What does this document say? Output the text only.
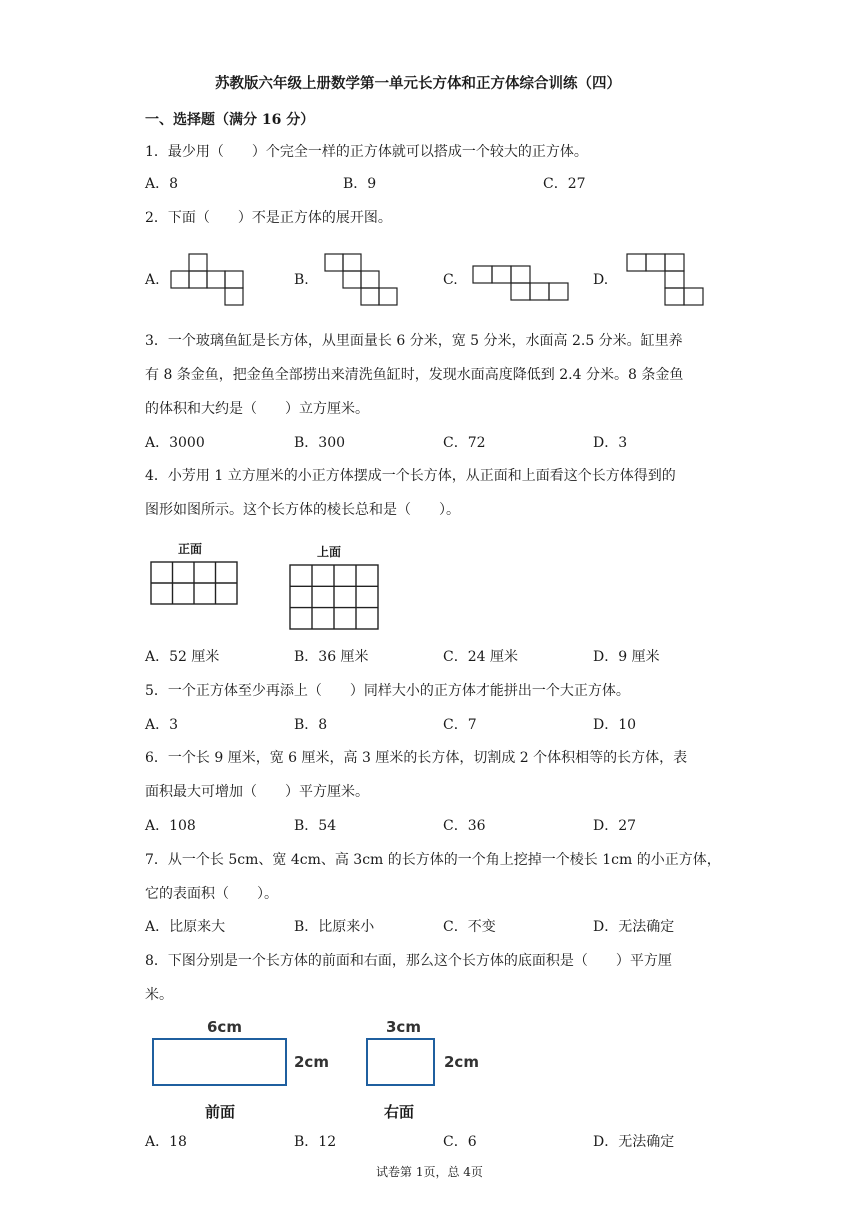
苏教版六年级上册数学第一单元长方体和正方体综合训练（四）
一、选择题（满分 16 分）
1．最少用（　　）个完全一样的正方体就可以搭成一个较大的正方体。
A．8	B．9	C．27
2．下面（　　）不是正方体的展开图。
A.	B.	C.	D.
3．一个玻璃鱼缸是长方体，从里面量长 6 分米，宽 5 分米，水面高 2.5 分米。缸里养
有 8 条金鱼，把金鱼全部捞出来清洗鱼缸时，发现水面高度降低到 2.4 分米。8 条金鱼
的体积和大约是（　　）立方厘米。
A．3000	B．300	C．72	D．3
4．小芳用 1 立方厘米的小正方体摆成一个长方体，从正面和上面看这个长方体得到的
图形如图所示。这个长方体的棱长总和是（　　）。
正面	上面
A．52 厘米	B．36 厘米	C．24 厘米	D．9 厘米
5．一个正方体至少再添上（　　）同样大小的正方体才能拼出一个大正方体。
A．3	B．8	C．7	D．10
6．一个长 9 厘米，宽 6 厘米，高 3 厘米的长方体，切割成 2 个体积相等的长方体，表
面积最大可增加（　　）平方厘米。
A．108	B．54	C．36	D．27
7．从一个长 5cm、宽 4cm、高 3cm 的长方体的一个角上挖掉一个棱长 1cm 的小正方体，
它的表面积（　　）。
A．比原来大	B．比原来小	C．不变	D．无法确定
8．下图分别是一个长方体的前面和右面，那么这个长方体的底面积是（　　）平方厘
米。
6cm
2cm
前面
3cm
2cm
右面
A．18	B．12	C．6	D．无法确定
试卷第 1页，总 4页
